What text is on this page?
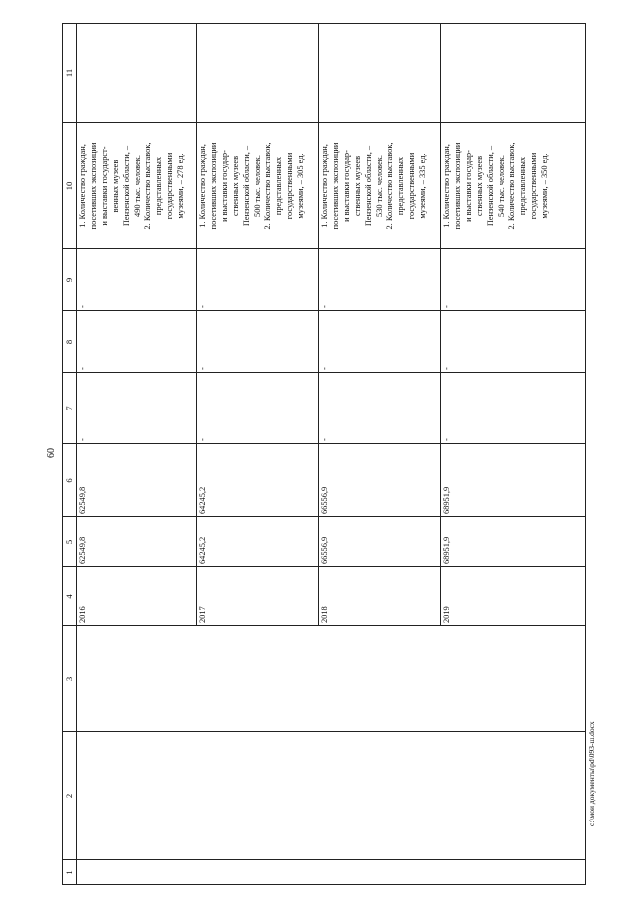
60
c:\мои документы\pd\093-ш.docx
1
2
3
4
5
6
7
8
9
10
11
2016
62549,8
62549,8
-
-
-
1. Количество граждан,
посетивших экспозиции
и выставки государст-
венных музеев
Пензенской области, –
490 тыс. человек.
2. Количество выставок,
представленных
государственными
музеями, – 278 ед.
2017
64245,2
64245,2
-
-
-
1. Количество граждан,
посетивших экспозиции
и выставки государ-
ственных музеев
Пензенской области, –
500 тыс. человек.
2. Количество выставок,
представленных
государственными
музеями, – 305 ед.
2018
66556,9
66556,9
-
-
-
1. Количество граждан,
посетивших экспозиции
и выставки государ-
ственных музеев
Пензенской области, –
530 тыс. человек.
2. Количество выставок,
представленных
государственными
музеями, – 335 ед.
2019
68951,9
68951,9
-
-
-
1. Количество граждан,
посетивших экспозиции
и выставки государ-
ственных музеев
Пензенской области, –
540 тыс. человек.
2. Количество выставок,
представленных
государственными
музеями, – 350 ед.
